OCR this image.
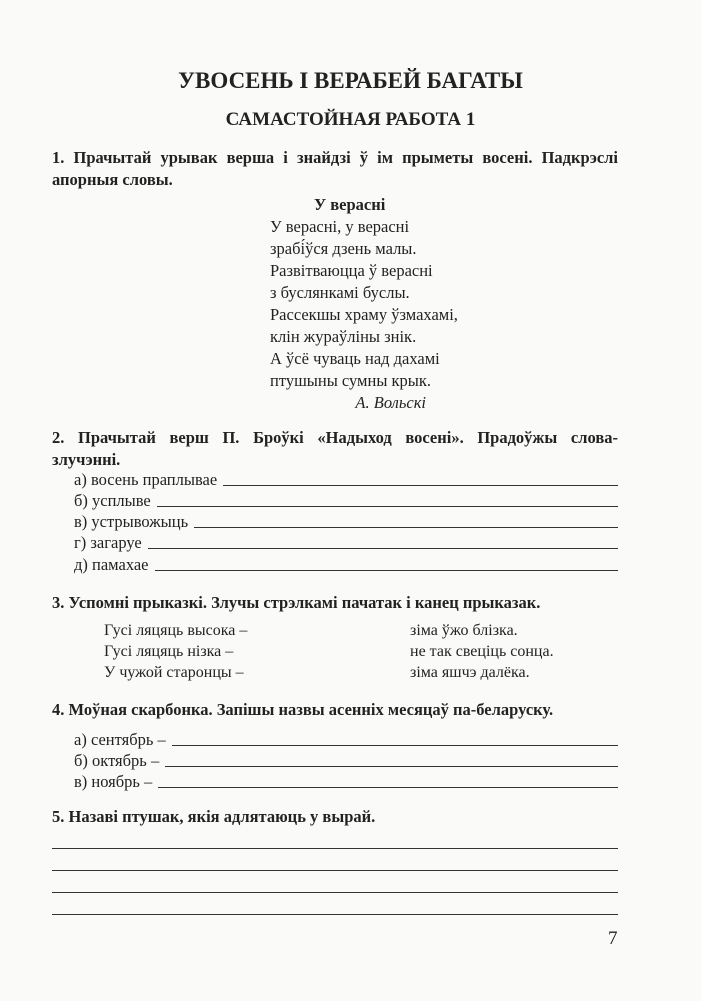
УВОСЕНЬ І ВЕРАБЕЙ БАГАТЫ
САМАСТОЙНАЯ РАБОТА 1
1. Прачытай урывак верша і знайдзі ў ім прыметы восені. Падкрэслі апорныя словы.
У верасні
У верасні, у верасні
зрабі́ўся дзень малы.
Развітваюцца ў верасні
з буслянкамі буслы.
Рассекшы храму ўзмахамі,
клін жураўліны знік.
А ўсё чуваць над дахамі
птушыны сумны крык.
А. Вольскі
2. Прачытай верш П. Броўкі «Надыход восені». Прадоўжы слова-
злучэнні.
а) восень праплывае
б) усплыве
в) устрывожыць
г) загаруе
д) памахае
3. Успомні прыказкі. Злучы стрэлкамі пачатак і канец прыказак.
Гусі ляцяць высока –
Гусі ляцяць нізка –
У чужой старонцы –
зіма ўжо блізка.
не так свеціць сонца.
зіма яшчэ далёка.
4. Моўная скарбонка. Запішы назвы асенніх месяцаў па-беларуску.
а) сентябрь –
б) октябрь –
в) ноябрь –
5. Назаві птушак, якія адлятаюць у вырай.
7
